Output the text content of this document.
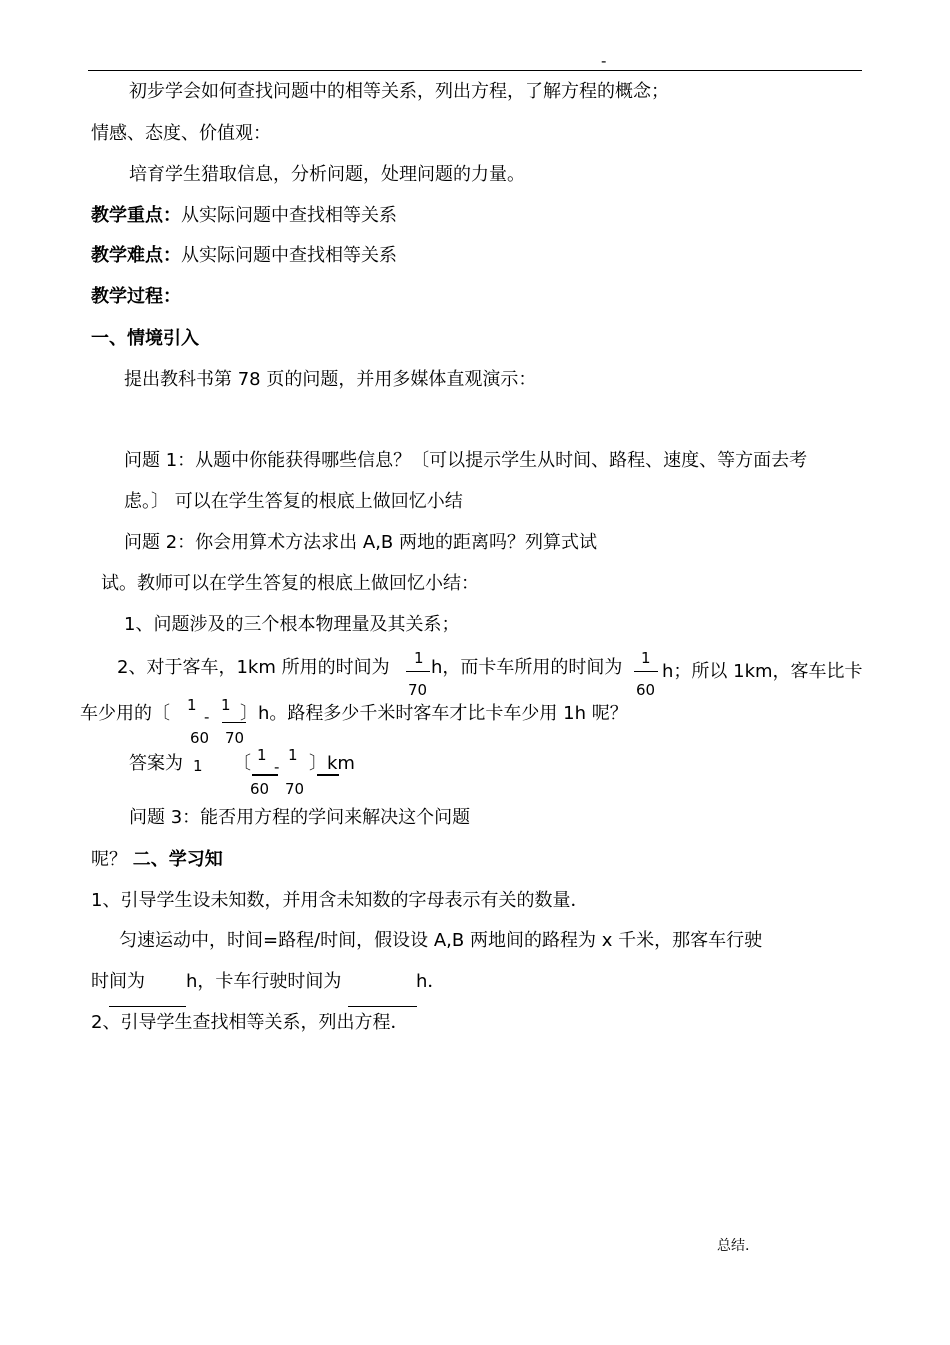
-
初步学会如何查找问题中的相等关系，列出方程，了解方程的概念；
情感、态度、价值观：
培育学生猎取信息，分析问题，处理问题的力量。
教学重点：从实际问题中查找相等关系
教学难点：从实际问题中查找相等关系
教学过程：
一、情境引入
提出教科书第 78 页的问题，并用多媒体直观演示：
问题 1：从题中你能获得哪些信息？〔可以提示学生从时间、路程、速度、等方面去考
虑。〕 可以在学生答复的根底上做回忆小结
问题 2：你会用算术方法求出 A,B 两地的距离吗？列算式试
试。教师可以在学生答复的根底上做回忆小结：
1、问题涉及的三个根本物理量及其关系；
2、对于客车，1km 所用的时间为 1
70
h，而卡车所用的时间为 1
60
h；所以 1km，客车比卡
车少用的〔 1
60
-
1
70
〕h。路程多少千米时客车才比卡车少用 1h 呢？
答案为 1 〔 1
60
-
1
70
〕km
问题 3：能否用方程的学问来解决这个问题
呢？ 二、学习知
1、引导学生设未知数，并用含未知数的字母表示有关的数量．
匀速运动中，时间=路程/时间，假设设 A,B 两地间的路程为 x 千米，那客车行驶
时间为 h，卡车行驶时间为	h．
2、引导学生查找相等关系，列出方程．
总结.
